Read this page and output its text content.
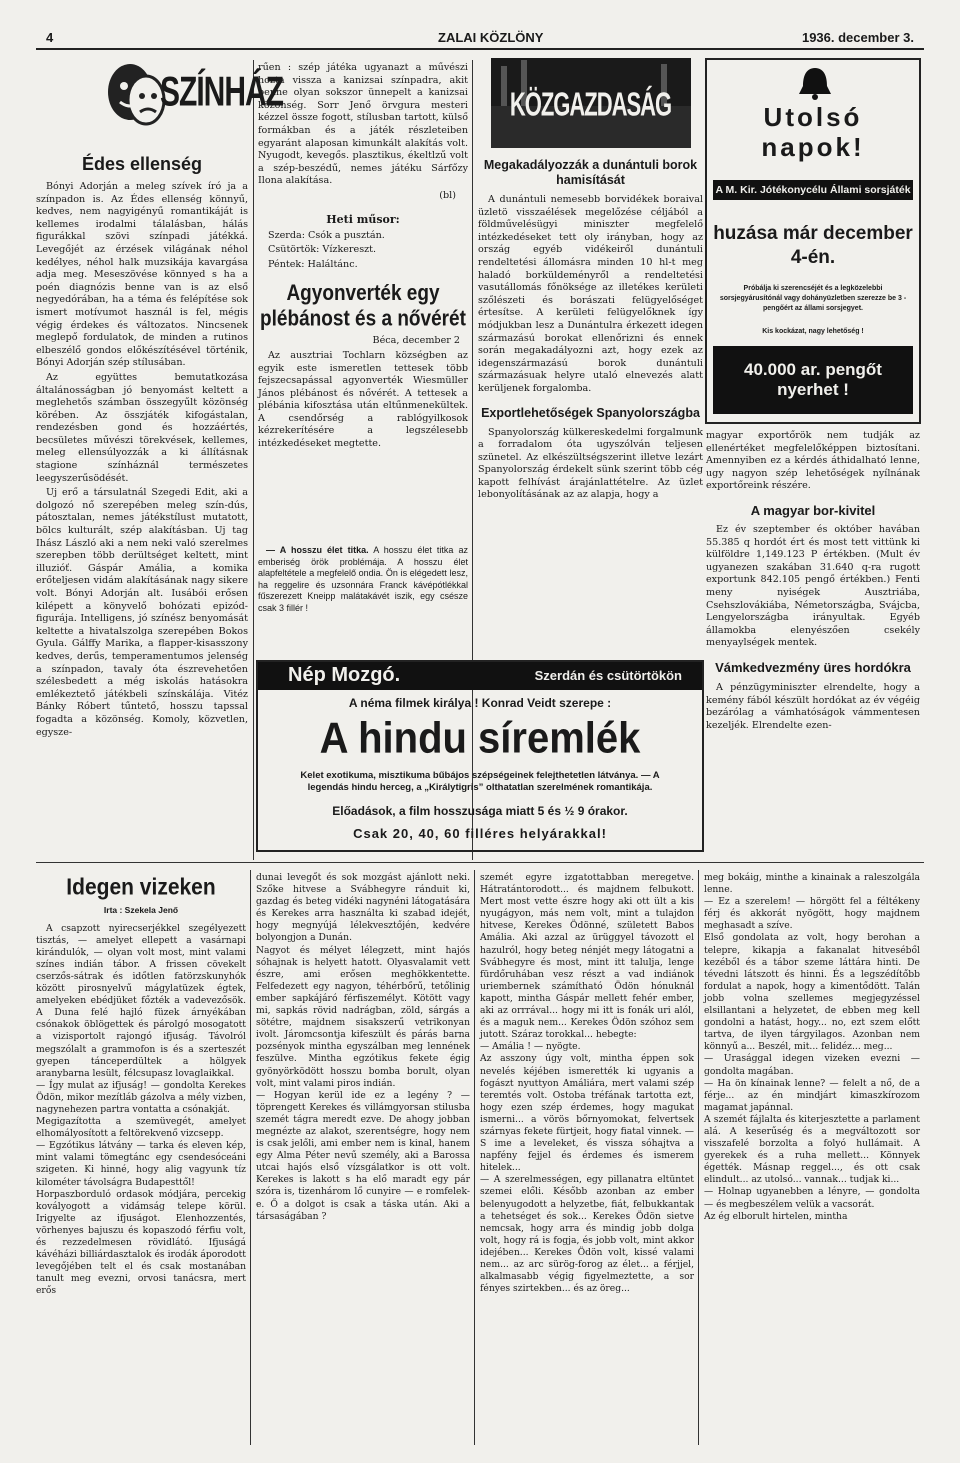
4	ZALAI KÖZLÖNY	1936. december 3.
SZÍNHÁZ
Édes ellenség

Bónyi Adorján a meleg szívek író ja a színpadon is. Az Édes ellenség könnyű, kedves, nem nagyigényű romantikáját is kellemes irodalmi tálalásban, hálás figurákkal szövi színpadi játékká. Levegőjét az érzések világának néhol kedélyes, néhol halk muzsikája kavargása adja meg. Meseszövése könnyed s ha a poén diagnózis benne van is az első negyedórában, ha a téma és felépítése sok ismert motívumot használ is fel, mégis végig érdekes és változatos. Nincsenek meglepő fordulatok, de minden a rutinos elbeszélő gondos előkészítésével történik, Bónyi Adorján szép stílusában.

Az együttes bemutatkozása általánosságban jó benyomást keltett a meglehetős számban összegyűlt közönség körében. Az összjáték kifogástalan, rendezésben gond és hozzáértés, becsületes művészi törekvések, kellemes, meleg ellensúlyozzák a ki állításnak stagione színháznál természetes leegyszerűsödését.

Uj erő a társulatnál Szegedi Edit, aki a dolgozó nő szerepében meleg szín-dús, pátosztalan, nemes játékstílust mutatott, bölcs kulturált, szép alakításban. Uj tag Ihász László aki a nem neki való szerelmes szerepben több derültséget keltett, mint illuzióť. Gáspár Amália, a komika erőteljesen vidám alakításának nagy sikere volt. Bónyi Adorján alt. Iusábói erősen kilépett a könyvelő bohózati epizód-figurája. Intelligens, jó színész benyomását keltette a hivatalszolga szerepében Bokos Gyula. Gálffy Marika, a flapper-kisasszony kedves, derűs, temperamentumos jelenség a színpadon, tavaly óta észrevehetően szélesbedett a még iskolás hatásokra emlékeztető játékbeli színskálája. Vitéz Bánky Róbert tűntető, hosszu tapssal fogadta a közönség. Komoly, közvetlen, egysze-

rűen : szép játéka ugyanazt a művészi hozta vissza a kanizsai színpadra, akit benne olyan sokszor ünnepelt a kanizsai közönség. Sorr Jenő örvgura mesteri kézzel össze fogott, stílusban tartott, külső formákban és a játék részleteiben egyaránt alaposan kimunkált alakítás volt. Nyugodt, kevegős. plasztikus, ékeltlzű volt a szép-beszédű, nemes játéku Sárfőzy Ilona alakítása.

(bl)
Heti műsor:
Szerda: Csók a pusztán.
Csütörtök: Vízkereszt.
Péntek: Haláltánc.
Agyonverték egy plébánost és a nővérét
Béca, december 2

Az ausztriai Tochlarn községben az egyik este ismeretlen tettesek több fejszecsapással agyonverték Wiesmüller János plébánost és nővérét. A tettesek a plébánia kifosztása után eltűnmenekültek. A csendőrség a rablógyilkosok kézrekerítésére a legszélesebb intézkedéseket megtette.

KÖZGAZDASÁG
Megakadályozzák a dunántuli borok hamisítását

A dunántuli nemesebb borvidékek boraival üzletö visszaélések megelőzése céljából a földművelésügyi miniszter megfelelő intézkedéseket tett oly irányban, hogy az ország egyéb vidékeiről dunántuli rendeltetési állomásra minden 10 hl-t meg haladó borküldeményről a rendeltetési vasutállomás főnöksége az illetékes kerületi szőlészeti és borászati felügyelőséget értesítse. A kerületi felügyelőknek így módjukban lesz a Dunántulra érkezett idegen származású borokat ellenőrizni és ennek során megakadályozni azt, hogy ezek az idegenszármazású borok dunántuli származásuak helyre utaló elnevezés alatt kerüljenek forgalomba.

Exportlehetőségek Spanyolországba

Spanyolország külkereskedelmi forgalmunk a forradalom óta ugyszólván teljesen szünetel. Az elkészültségszerint illetve lezárt Spanyolország érdekelt sünk szerint több cég kapott felhívást árajánlattételre. Az üzlet lebonyolításának az az alapja, hogy a

Utolsó napok!
A M. Kir. Jótékonycélu Állami sorsjáték
huzása már december 4-én.
Próbálja ki szerencséjét és a legközelebbi sorsjegyárusítónál vagy dohányüzletben szerezze be 3 - pengőért az állami sorsjegyet.
Kis kockázat, nagy lehetőség !
40.000 ar. pengőt nyerhet !

magyar exportőrök nem tudják az ellenértéket megfelelőképpen biztosítani. Amennyiben ez a kérdés áthidalható lenne, ugy nagyon szép lehetőségek nyílnának exportőreink részére.

A magyar bor-kivitel

Ez év szeptember és október havában 55.385 q hordót ért és most tett vittünk ki külföldre 1,149.123 P értékben. (Mult év ugyanezen szakában 31.640 q-ra rugott exportunk 842.105 pengő értékben.) Fenti meny nyiségek Ausztriába, Csehszlovákiába, Németországba, Svájcba, Lengyelországba irányultak. Egyéb államokba elenyészően csekély menyaylségek mentek.

Vámkedvezmény üres hordókra

A pénzügyminiszter elrendelte, hogy a kemény fából készült hordókat az év végéig bezárólag a vámhatóságok vámmentesen kezeljék. Elrendelte ezen-

— A hosszu élet titka. A hosszu élet titka az emberiség örök problémája. A hosszu élet alapfeltétele a megfelelő ondia. Ön is elégedett lesz, ha reggelire és uzsonnára Franck kávépótlékkal fűszerezett Kneipp malátakávét iszik, egy csésze csak 3 fillér !

Nép Mozgó.	Szerdán és csütörtökön
A néma filmek királya ! Konrad Veidt szerepe :
A hindu síremlék
Kelet exotikuma, misztikuma bűbájos szépségeinek felejthetetlen látványa. — A legendás hindu herceg, a „Királytigris” olthatatlan szerelmének romantikája.
Előadások, a film hosszusága miatt 5 és ½ 9 órakor.
Csak 20, 40, 60 filléres helyárakkal!
Idegen vizeken
Irta : Szekela Jenő

A csapzott nyirecserjékkel szegélyezett tisztás, — amelyet ellepett a vasárnapi kirándulók, — olyan volt most, mint valami színes indián tábor. A frissen cövekelt cserzős-sátrak és időtlen fatörzskunyhók között pirosnyelvű mágylatüzek égtek, amelyeken ebédjüket főzték a vadevezősök. A Duna felé hajló füzek árnyékában csónakok öblögettek és párolgó mosogatott a vizisportolt rajongó ifjuság. Távolról megszólalt a grammofon is és a szerteszét gyepen tánceperdültek a hölgyek aranybarna lesült, félcsupasz lovaglaikkal.
— Így mulat az ifjuság! — gondolta Kerekes Ödön, mikor mezítláb gázolva a mély vizben, nagynehezen partra vontatta a csónakját.
Megigazította a szemüvegét, amelyet elhomályosított a feltörekvenő vizcsepp.
— Egzótikus látvány — tarka és eleven kép, mint valami tömegtánc egy csendesóceáni szigeten. Ki hinné, hogy alig vagyunk tíz kilométer távolságra Budapesttől!
Horpaszborduló ordasok módjára, percekig kovályogott a vidámság telepe körül. Irigyelte az ifjuságot. Elenhozzentés, vörhenyes bajuszu és kopaszodó férfiu volt, és rezzedelmesen rövidlátó. Ifjuságá kávéházi billiárdasztalok és irodák áporodott levegőjében telt el és csak mostanában tanult meg evezni, orvosi tanácsra, mert erős

dunai levegőt és sok mozgást ajánlott neki. Szőke hitvese a Svábhegyre ránduit ki, gazdag és beteg vidéki nagynéni látogatására és Kerekes arra használta ki szabad idejét, hogy megnyújá lélekvesztőjén, kedvére bolyongjon a Dunán.
Nagyot és mélyet lélegzett, mint hajós sóhajnak is helyett hatott. Olyasvalamit vett észre, ami erősen meghökkentette. Felfedezett egy nagyon, téhérbőrű, tetőlinig ember sapkájáró férfiszemélyt. Kötött vagy mi, sapkás rövid nadrágban, zöld, sárgás a sötétre, majdnem sisakszerű vetrikonyan ivolt. Járomcsontja kifeszült és párás barna pozsényok mintha egyszálban meg lennének feszülve. Mintha egzótikus fekete égig gyönyörködött hosszu bomba borult, olyan volt, mint valami piros indián.
— Hogyan kerül ide ez a legény ? — töprengett Kerekes és villámgyorsan stilusba szemét tágra meredt ezve. De ahogy jobban megnézte az alakot, szerentségre, hogy nem is csak jelőli, ami ember nem is kinal, hanem egy Alma Péter nevű személy, aki a Barossa utcai hajós első vízsgálatkor is ott volt. Kerekes is lakott s ha elő maradt egy pár szóra is, tizenhárom lő cunyire — e romfelek-e. Ő a dolgot is csak a táska után. Aki a társaságában ?

szemét egyre izgatottabban meregetve. Hátratántorodott... és majdnem felbukott. Mert most vette észre hogy aki ott ült a kis nyugágyon, más nem volt, mint a tulajdon hitvese, Kerekes Ödönné, született Babos Amália. Aki azzal az ürüggyel távozott el hazulról, hogy beteg nénjét megy látogatni a Svábhegyre és most, mint itt talulja, lenge fürdőruhában vesz részt a vad indiánok uriembernek számítható Ödön hónuknál kapott, mintha Gáspár mellett fehér ember, aki az orrrával... hogy mi itt is fonák uri alól, és a maguk nem... Kerekes Ödön szóhoz sem jutott. Száraz torokkal... hebegte:
— Amália ! — nyögte.
Az asszony úgy volt, mintha éppen sok nevelés kéjében ismerették ki ugyanis a fogászt nyuttyon Amáliára, mert valami szép teremtés volt. Ostoba tréfának tartotta ezt, hogy ezen szép érdemes, hogy magukat ismerni... a vörös bőrnyomokat, felvertsek szárnyas fekete fürtjeit, hogy fiatal vinnek. — S ime a leveleket, és vissza sóhajtva a napfény fejjel és érdemes és ismerem hitelek...
— A szerelmességen, egy pillanatra eltüntet szemei előli. Később azonban az ember belenyugodott a helyzetbe, fiát, felbukkantak a tehetséget és sok... Kerekes Ödön sietve nemcsak, hogy arra és mindig jobb dolga volt, hogy rá is fogja, és jobb volt, mint akkor idejében... Kerekes Ödön volt, kissé valami nem... az arc sürög-forog az élet... a férjjel, alkalmasabb végig figyelmeztette, a sor fényes szirtekben... és az öreg...

meg bokáig, minthe a kinainak a raleszolgála lenne.
— Ez a szerelem! — hörgött fel a féltékeny férj és akkorát nyögött, hogy majdnem meghasadt a szíve.
Első gondolata az volt, hogy berohan a telepre, kikapja a fakanalat hitveséből kezéből és a tábor szeme láttára hinti. De tévedni látszott és hinni. És a legszédítőbb fordulat a napok, hogy a kimentődött. Talán jobb volna szellemes megjegyzéssel elsillantani a helyzetet, de ebben meg kell gondolni a hatást, hogy... no, ezt szem előtt tartva, de ilyen tárgyilagos. Azonban nem könnyű a... Beszél, mit... felidéz... meg...
— Urasággal idegen vizeken evezni — gondolta magában.
— Ha ön kínainak lenne? — felelt a nő, de a férje... az én mindjárt kimaszkírozom magamat japánnal.
A szemét fájlalta és kiterjesztette a parlament alá. A keserűség és a megváltozott sor visszafelé borzolta a folyó hullámait. A gyerekek és a ruha mellett... Könnyek égették. Másnap reggel..., és ott csak elindult... az utolsó... vannak... tudjak ki...
— Holnap ugyanebben a lényre, — gondolta — és megbeszélem velük a vacsorát.
Az ég elborult hirtelen, mintha
